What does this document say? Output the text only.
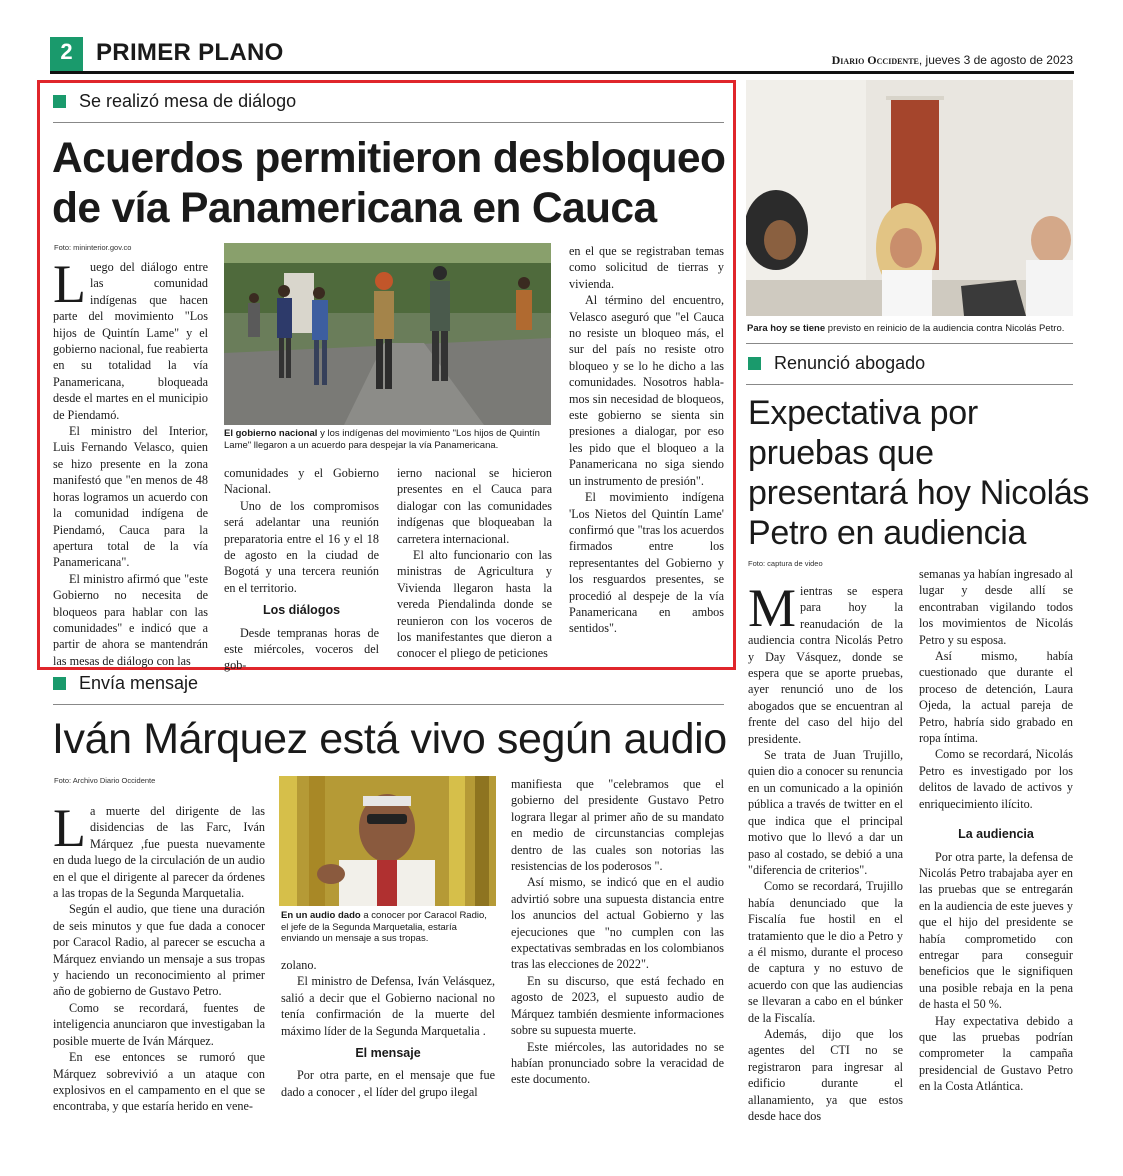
2 PRIMER PLANO	Diario Occidente, jueves 3 de agosto de 2023
Se realizó mesa de diálogo
Acuerdos permitieron desbloqueo
de vía Panamericana en Cauca
Foto: mininterior.gov.co
El gobierno nacional y los indígenas del movimiento "Los hijos de Quintín Lame" llegaron a un acuerdo para despejar la vía Panamericana.

Luego del diálogo entre las comunidad indígenas que hacen parte del movimiento "Los hijos de Quintín Lame" y el gobierno nacional, fue reabierta en su totalidad la vía Panamericana, bloqueada desde el martes en el municipio de Piendamó.

El ministro del Interior, Luis Fernando Velasco, quien se hizo presente en la zona manifestó que "en menos de 48 horas logramos un acuerdo con la comunidad indígena de Piendamó, Cauca para la apertura total de la vía Panamericana".

El ministro afirmó que "este Gobierno no necesita de bloqueos para hablar con las comunidades" e indicó que a partir de ahora se mantendrán las mesas de diálogo con las

comunidades y el Gobierno Nacional.

Uno de los compromisos será adelantar una reunión preparatoria entre el 16 y el 18 de agosto en la ciudad de Bogotá y una tercera reunión en el territorio.

Los diálogos

Desde tempranas horas de este miércoles, voceros del gob-

ierno nacional se hicieron presentes en el Cauca para dialogar con las comunidades indígenas que bloqueaban la carretera internacional.

El alto funcionario con las ministras de Agricultura y Vivienda llegaron hasta la vereda Piendalinda donde se reunieron con los voceros de los manifestantes que dieron a conocer el pliego de peticiones

en el que se registraban temas como solicitud de tierras y vivienda.

Al término del encuentro, Velasco aseguró que "el Cauca no resiste un bloqueo más, el sur del país no resiste otro bloqueo y se lo he dicho a las comunidades. Nosotros habla-mos sin necesidad de bloqueos, este gobierno se sienta sin presiones a dialogar, por eso les pido que el bloqueo a la Panamericana no siga siendo un instrumento de presión".

El movimiento indígena 'Los Nietos del Quintín Lame' confirmó que "tras los acuerdos firmados entre los representantes del Gobierno y los resguardos presentes, se procedió al despeje de la vía Panamericana en ambos sentidos".

Envía mensaje
Iván Márquez está vivo según audio
Foto: Archivo Diario Occidente
En un audio dado a conocer por Caracol Radio, el jefe de la Segunda Marquetalia, estaría enviando un mensaje a sus tropas.

La muerte del dirigente de las disidencias de las Farc, Iván Márquez ,fue puesta nuevamente en duda luego de la circulación de un audio en el que el dirigente al parecer da órdenes a las tropas de la Segunda Marquetalia.

Según el audio, que tiene una duración de seis minutos y que fue dada a conocer por Caracol Radio, al parecer se escucha a Márquez enviando un mensaje a sus tropas y haciendo un reconocimiento al primer año de gobierno de Gustavo Petro.

Como se recordará, fuentes de inteligencia anunciaron que investigaban la posible muerte de Iván Márquez.

En ese entonces se rumoró que Márquez sobrevivió a un ataque con explosivos en el campamento en el que se encontraba, y que estaría herido en vene-

zolano.

El ministro de Defensa, Iván Velásquez, salió a decir que el Gobierno nacional no tenía confirmación de la muerte del máximo líder de la Segunda Marquetalia .

El mensaje

Por otra parte, en el mensaje que fue dado a conocer , el líder del grupo ilegal

manifiesta que "celebramos que el gobierno del presidente Gustavo Petro lograra llegar al primer año de su mandato en medio de circunstancias complejas dentro de las cuales son notorias las resistencias de los poderosos ".

Así mismo, se indicó que en el audio advirtió sobre una supuesta distancia entre los anuncios del actual Gobierno y las ejecuciones que "no cumplen con las expectativas sembradas en los colombianos tras las elecciones de 2022".

En su discurso, que está fechado en agosto de 2023, el supuesto audio de Márquez también desmiente informaciones sobre su supuesta muerte.

Este miércoles, las autoridades no se habían pronunciado sobre la veracidad de este documento.

Para hoy se tiene previsto en reinicio de la audiencia contra Nicolás Petro.
Renunció abogado
Expectativa por
pruebas que
presentará hoy Nicolás
Petro en audiencia
Foto: captura de video

Mientras se espera para hoy la reanudación de la audiencia contra Nicolás Petro y Day Vásquez, donde se espera que se aporte pruebas, ayer renunció uno de los abogados que se encuentran al frente del caso del hijo del presidente.

Se trata de Juan Trujillo, quien dio a conocer su renuncia en un comunicado a la opinión pública a través de twitter en el que indica que el principal motivo que lo llevó a dar un paso al costado, se debió a una "diferencia de criterios".

Como se recordará, Trujillo había denunciado que la Fiscalía fue hostil en el tratamiento que le dio a Petro y a él mismo, durante el proceso de captura y no estuvo de acuerdo con que las audiencias se llevaran a cabo en el búnker de la Fiscalía.

Además, dijo que los agentes del CTI no se registraron para ingresar al edificio durante el allanamiento, ya que estos desde hace dos

semanas ya habían ingresado al lugar y desde allí se encontraban vigilando todos los movimientos de Nicolás Petro y su esposa.

Así mismo, había cuestionado que durante el proceso de detención, Laura Ojeda, la actual pareja de Petro, habría sido grabado en ropa íntima.

Como se recordará, Nicolás Petro es investigado por los delitos de lavado de activos y enriquecimiento ilícito.

La audiencia

Por otra parte, la defensa de Nicolás Petro trabajaba ayer en las pruebas que se entregarán en la audiencia de este jueves y que el hijo del presidente se había comprometido con entregar para conseguir beneficios que le signifiquen una posible rebaja en la pena de hasta el 50 %.

Hay expectativa debido a que las pruebas podrían comprometer la campaña presidencial de Gustavo Petro en la Costa Atlántica.
